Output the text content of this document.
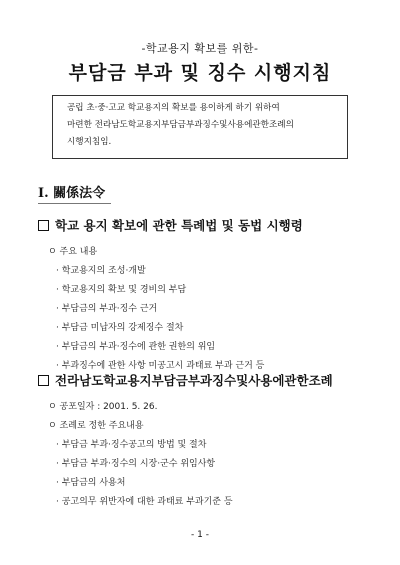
-학교용지 확보를 위한-
부담금 부과 및 징수 시행지침
공립 초·중·고교 학교용지의 확보를 용이하게 하기 위하여
마련한 전라남도학교용지부담금부과징수및사용에관한조례의
시행지침임.
Ⅰ. 關係法令
학교 용지 확보에 관한 특례법 및 동법 시행령
ㅇ 주요 내용
· 학교용지의 조성·개발
· 학교용지의 확보 및 경비의 부담
· 부담금의 부과·징수 근거
· 부담금 미납자의 강제징수 절차
· 부담금의 부과·징수에 관한 권한의 위임
· 부과징수에 관한 사항 미공고시 과태료 부과 근거 등
전라남도학교용지부담금부과징수및사용에관한조례
ㅇ 공포일자 : 2001. 5. 26.
ㅇ 조례로 정한 주요내용
· 부담금 부과·징수공고의 방법 및 절차
· 부담금 부과·징수의 시장·군수 위임사항
· 부담금의 사용처
· 공고의무 위반자에 대한 과태료 부과기준 등
- 1 -
